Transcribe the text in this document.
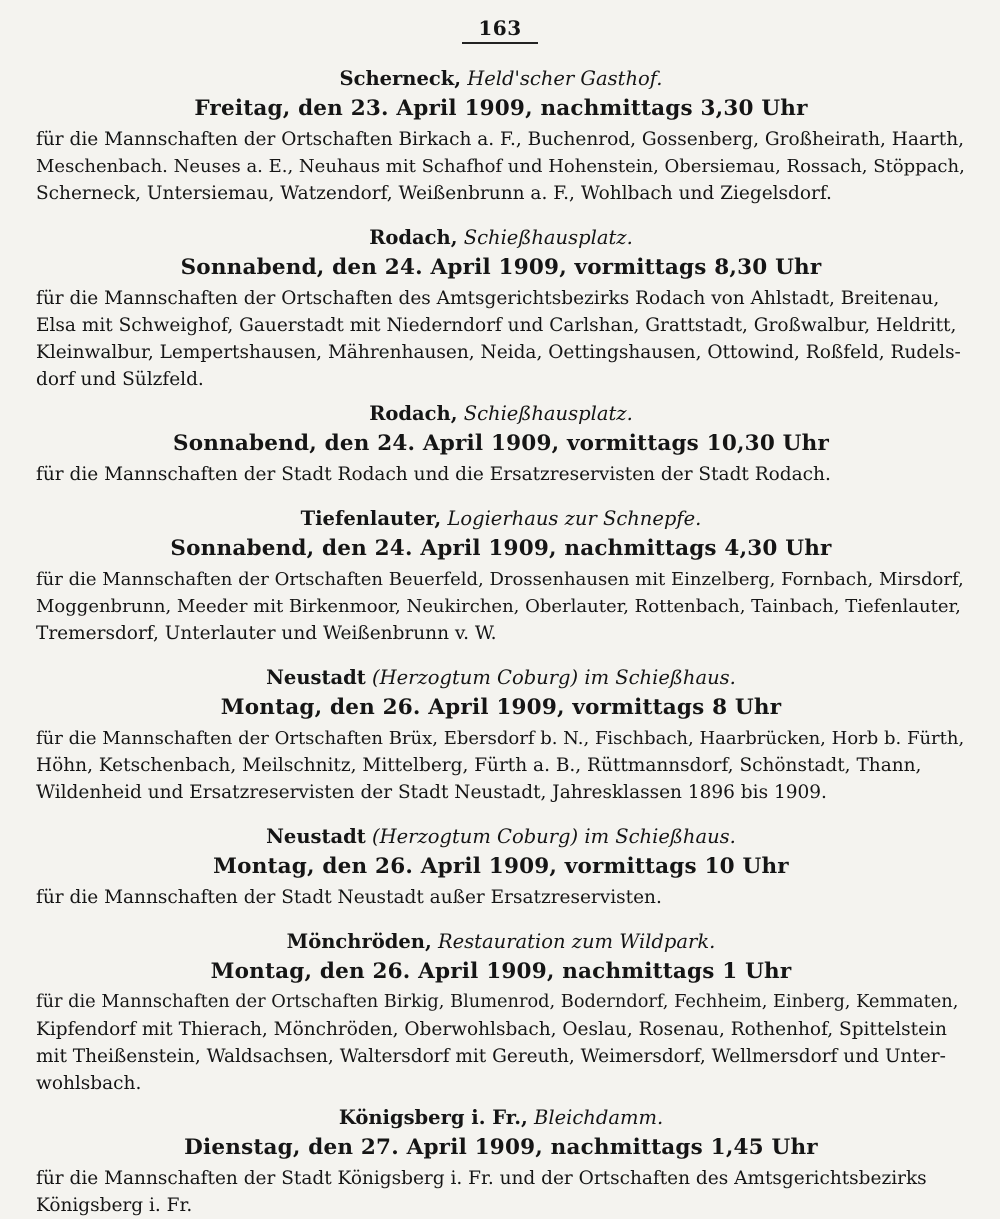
163
Scherneck, Held'scher Gasthof.
Freitag, den 23. April 1909, nachmittags 3,30 Uhr
für die Mannschaften der Ortschaften Birkach a. F., Buchenrod, Gossenberg, Großheirath, Haarth,
Meschenbach. Neuses a. E., Neuhaus mit Schafhof und Hohenstein, Obersiemau, Rossach, Stöppach,
Scherneck, Untersiemau, Watzendorf, Weißenbrunn a. F., Wohlbach und Ziegelsdorf.
Rodach, Schießhausplatz.
Sonnabend, den 24. April 1909, vormittags 8,30 Uhr
für die Mannschaften der Ortschaften des Amtsgerichtsbezirks Rodach von Ahlstadt, Breitenau,
Elsa mit Schweighof, Gauerstadt mit Niederndorf und Carlshan, Grattstadt, Großwalbur, Heldritt,
Kleinwalbur, Lempertshausen, Mährenhausen, Neida, Oettingshausen, Ottowind, Roßfeld, Rudels-
dorf und Sülzfeld.
Rodach, Schießhausplatz.
Sonnabend, den 24. April 1909, vormittags 10,30 Uhr
für die Mannschaften der Stadt Rodach und die Ersatzreservisten der Stadt Rodach.
Tiefenlauter, Logierhaus zur Schnepfe.
Sonnabend, den 24. April 1909, nachmittags 4,30 Uhr
für die Mannschaften der Ortschaften Beuerfeld, Drossenhausen mit Einzelberg, Fornbach, Mirsdorf,
Moggenbrunn, Meeder mit Birkenmoor, Neukirchen, Oberlauter, Rottenbach, Tainbach, Tiefenlauter,
Tremersdorf, Unterlauter und Weißenbrunn v. W.
Neustadt (Herzogtum Coburg) im Schießhaus.
Montag, den 26. April 1909, vormittags 8 Uhr
für die Mannschaften der Ortschaften Brüx, Ebersdorf b. N., Fischbach, Haarbrücken, Horb b. Fürth,
Höhn, Ketschenbach, Meilschnitz, Mittelberg, Fürth a. B., Rüttmannsdorf, Schönstadt, Thann,
Wildenheid und Ersatzreservisten der Stadt Neustadt, Jahresklassen 1896 bis 1909.
Neustadt (Herzogtum Coburg) im Schießhaus.
Montag, den 26. April 1909, vormittags 10 Uhr
für die Mannschaften der Stadt Neustadt außer Ersatzreservisten.
Mönchröden, Restauration zum Wildpark.
Montag, den 26. April 1909, nachmittags 1 Uhr
für die Mannschaften der Ortschaften Birkig, Blumenrod, Boderndorf, Fechheim, Einberg, Kemmaten,
Kipfendorf mit Thierach, Mönchröden, Oberwohlsbach, Oeslau, Rosenau, Rothenhof, Spittelstein
mit Theißenstein, Waldsachsen, Waltersdorf mit Gereuth, Weimersdorf, Wellmersdorf und Unter-
wohlsbach.
Königsberg i. Fr., Bleichdamm.
Dienstag, den 27. April 1909, nachmittags 1,45 Uhr
für die Mannschaften der Stadt Königsberg i. Fr. und der Ortschaften des Amtsgerichtsbezirks
Königsberg i. Fr.
